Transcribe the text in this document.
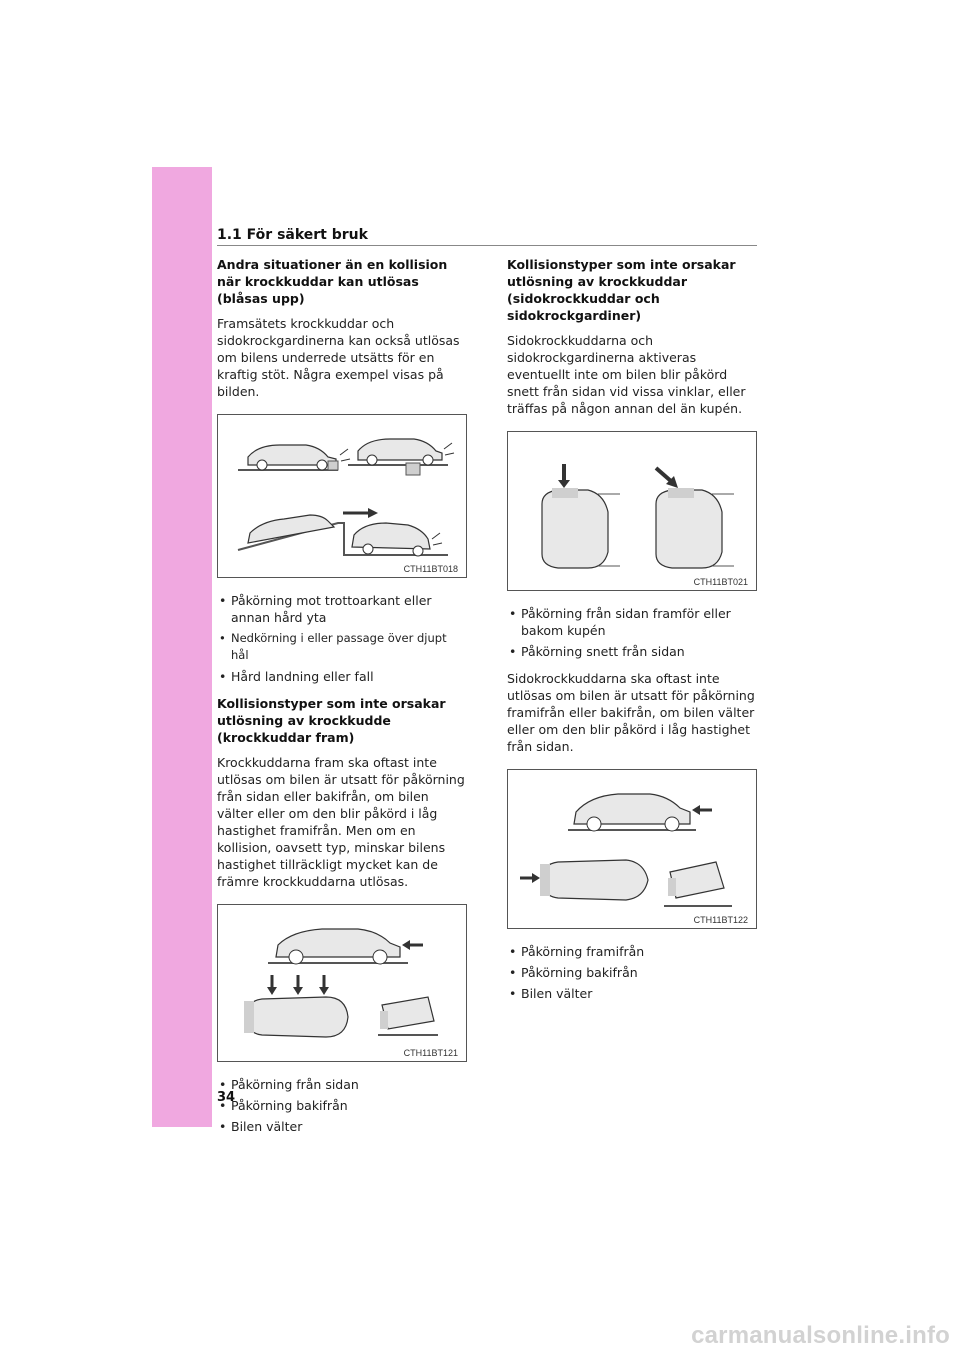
1.1 För säkert bruk
Andra situationer än en kollision när krockkuddar kan utlösas (blåsas upp)

Framsätets krockkuddar och sidokrockgardinerna kan också utlösas om bilens underrede utsätts för en kraftig stöt. Några exempel visas på bilden.

CTH11BT018
• Påkörning mot trottoarkant eller annan hård yta
• Nedkörning i eller passage över djupt hål
• Hård landning eller fall
Kollisionstyper som inte orsakar utlösning av krockkudde (krockkuddar fram)

Krockkuddarna fram ska oftast inte utlösas om bilen är utsatt för påkörning från sidan eller bakifrån, om bilen välter eller om den blir påkörd i låg hastighet framifrån. Men om en kollision, oavsett typ, minskar bilens hastighet tillräckligt mycket kan de främre krockkuddarna utlösas.

CTH11BT121
• Påkörning från sidan
• Påkörning bakifrån
• Bilen välter
Kollisionstyper som inte orsakar utlösning av krockkuddar (sidokrockkuddar och sidokrockgardiner)

Sidokrockkuddarna och sidokrockgardinerna aktiveras eventuellt inte om bilen blir påkörd snett från sidan vid vissa vinklar, eller träffas på någon annan del än kupén.

CTH11BT021
• Påkörning från sidan framför eller bakom kupén
• Påkörning snett från sidan

Sidokrockkuddarna ska oftast inte utlösas om bilen är utsatt för påkörning framifrån eller bakifrån, om bilen välter eller om den blir påkörd i låg hastighet från sidan.

CTH11BT122
• Påkörning framifrån
• Påkörning bakifrån
• Bilen välter
34
carmanualsonline.info
